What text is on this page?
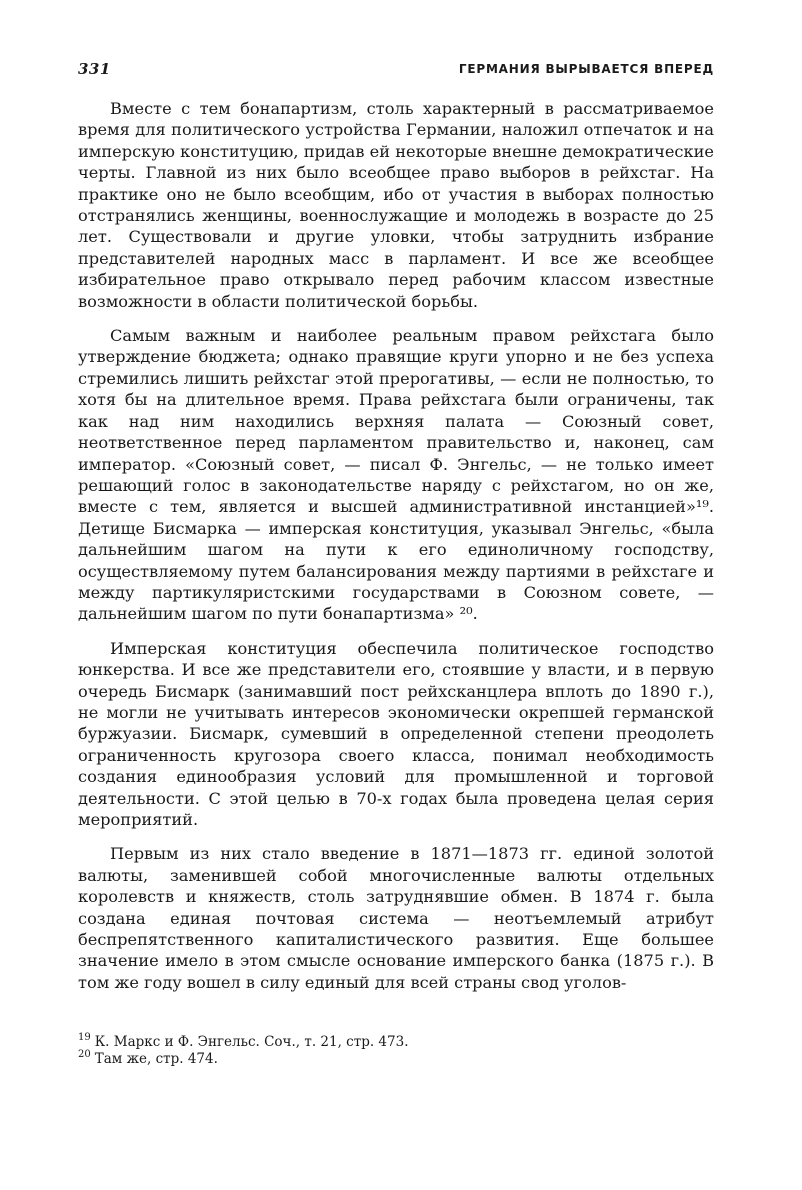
331	ГЕРМАНИЯ ВЫРЫВАЕТСЯ ВПЕРЕД

Вместе с тем бонапартизм, столь характерный в рассматриваемое время для политического устройства Германии, наложил отпечаток и на имперскую конституцию, придав ей некоторые внешне демократические черты. Главной из них было всеобщее право выборов в рейхстаг. На практике оно не было всеобщим, ибо от участия в выборах полностью отстранялись женщины, военнослужащие и молодежь в возрасте до 25 лет. Существовали и другие уловки, чтобы затруднить избрание представителей народных масс в парламент. И все же всеобщее избирательное право открывало перед рабочим классом известные возможности в области политической борьбы.

Самым важным и наиболее реальным правом рейхстага было утверждение бюджета; однако правящие круги упорно и не без успеха стремились лишить рейхстаг этой прерогативы, — если не полностью, то хотя бы на длительное время. Права рейхстага были ограничены, так как над ним находились верхняя палата — Союзный совет, неответственное перед парламентом правительство и, наконец, сам император. «Союзный совет, — писал Ф. Энгельс, — не только имеет решающий голос в законодательстве наряду с рейхстагом, но он же, вместе с тем, является и высшей административной инстанцией»¹⁹. Детище Бисмарка — имперская конституция, указывал Энгельс, «была дальнейшим шагом на пути к его единоличному господству, осуществляемому путем балансирования между партиями в рейхстаге и между партикуляристскими государствами в Союзном совете, — дальнейшим шагом по пути бонапартизма» ²⁰.

Имперская конституция обеспечила политическое господство юнкерства. И все же представители его, стоявшие у власти, и в первую очередь Бисмарк (занимавший пост рейхсканцлера вплоть до 1890 г.), не могли не учитывать интересов экономически окрепшей германской буржуазии. Бисмарк, сумевший в определенной степени преодолеть ограниченность кругозора своего класса, понимал необходимость создания единообразия условий для промышленной и торговой деятельности. С этой целью в 70-х годах была проведена целая серия мероприятий.

Первым из них стало введение в 1871—1873 гг. единой золотой валюты, заменившей собой многочисленные валюты отдельных королевств и княжеств, столь затруднявшие обмен. В 1874 г. была создана единая почтовая система — неотъемлемый атрибут беспрепятственного капиталистического развития. Еще большее значение имело в этом смысле основание имперского банка (1875 г.). В том же году вошел в силу единый для всей страны свод уголов-

19 К. Маркс и Ф. Энгельс. Соч., т. 21, стр. 473.
20 Там же, стр. 474.
